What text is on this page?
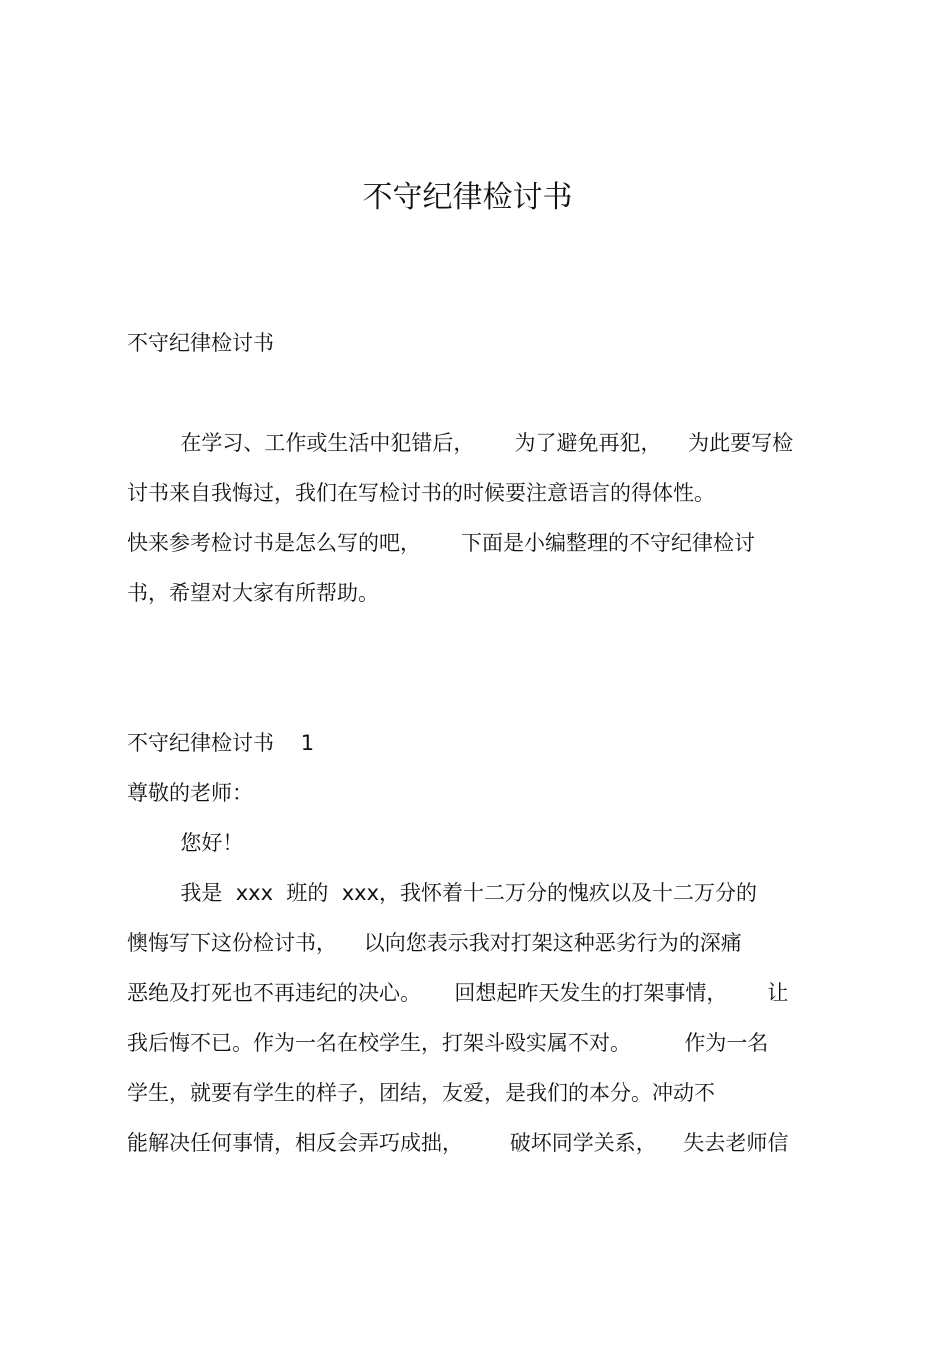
不守纪律检讨书
不守纪律检讨书
在学习、工作或生活中犯错后，      为了避免再犯，    为此要写检
讨书来自我悔过，我们在写检讨书的时候要注意语言的得体性。
快来参考检讨书是怎么写的吧，      下面是小编整理的不守纪律检讨
书，希望对大家有所帮助。
不守纪律检讨书    1
尊敬的老师：
您好！
我是  xxx  班的  xxx，我怀着十二万分的愧疚以及十二万分的
懊悔写下这份检讨书，    以向您表示我对打架这种恶劣行为的深痛
恶绝及打死也不再违纪的决心。     回想起昨天发生的打架事情，      让
我后悔不已。作为一名在校学生，打架斗殴实属不对。        作为一名
学生，就要有学生的样子，团结，友爱，是我们的本分。冲动不
能解决任何事情，相反会弄巧成拙，       破坏同学关系，    失去老师信
